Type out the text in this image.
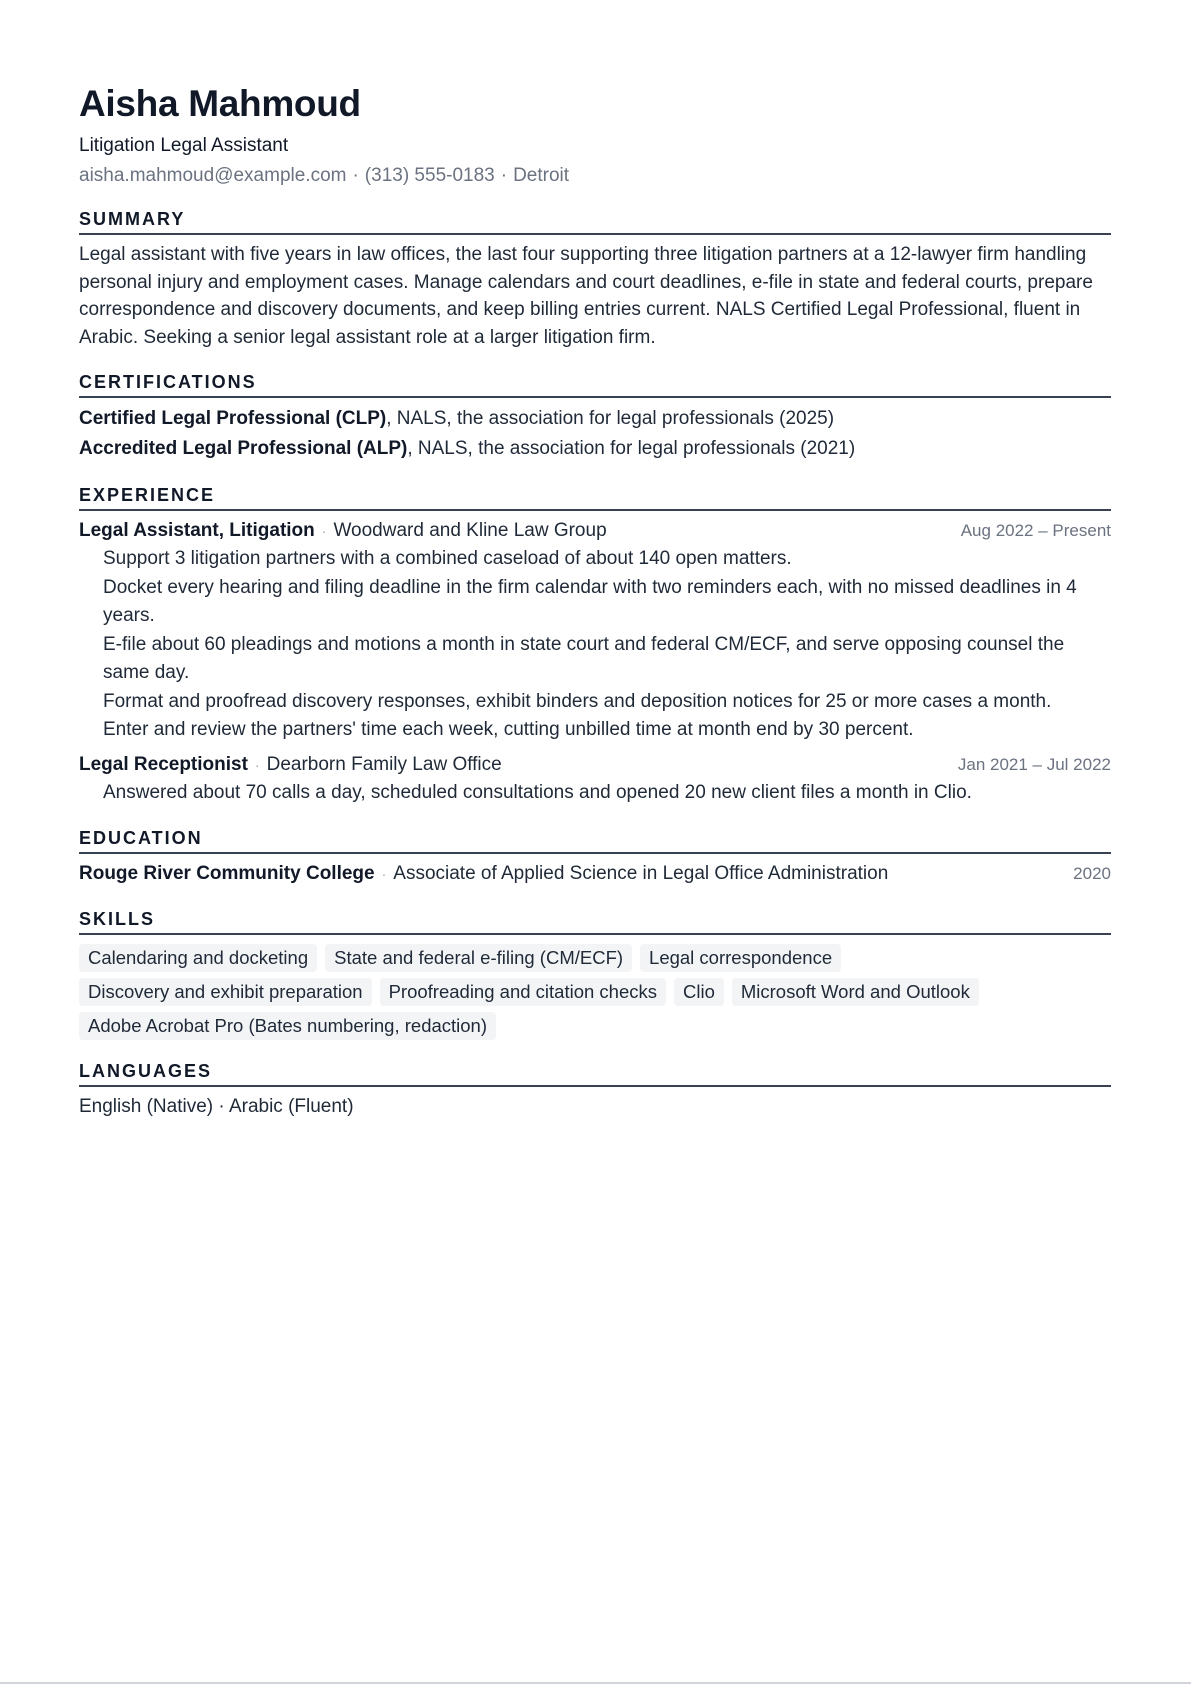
Aisha Mahmoud
Litigation Legal Assistant
aisha.mahmoud@example.com · (313) 555-0183 · Detroit
SUMMARY

Legal assistant with five years in law offices, the last four supporting three litigation partners at a 12-lawyer firm handling personal injury and employment cases. Manage calendars and court deadlines, e-file in state and federal courts, prepare correspondence and discovery documents, and keep billing entries current. NALS Certified Legal Professional, fluent in Arabic. Seeking a senior legal assistant role at a larger litigation firm.

CERTIFICATIONS
Certified Legal Professional (CLP), NALS, the association for legal professionals (2025)
Accredited Legal Professional (ALP), NALS, the association for legal professionals (2021)
EXPERIENCE
Legal Assistant, Litigation · Woodward and Kline Law Group	Aug 2022 – Present
Support 3 litigation partners with a combined caseload of about 140 open matters.
Docket every hearing and filing deadline in the firm calendar with two reminders each, with no missed deadlines in 4 years.
E-file about 60 pleadings and motions a month in state court and federal CM/ECF, and serve opposing counsel the same day.
Format and proofread discovery responses, exhibit binders and deposition notices for 25 or more cases a month.
Enter and review the partners' time each week, cutting unbilled time at month end by 30 percent.
Legal Receptionist · Dearborn Family Law Office	Jan 2021 – Jul 2022
Answered about 70 calls a day, scheduled consultations and opened 20 new client files a month in Clio.
EDUCATION
Rouge River Community College · Associate of Applied Science in Legal Office Administration	2020
SKILLS
Calendaring and docketing	State and federal e-filing (CM/ECF)	Legal correspondence
Discovery and exhibit preparation	Proofreading and citation checks	Clio	Microsoft Word and Outlook
Adobe Acrobat Pro (Bates numbering, redaction)
LANGUAGES
English (Native) · Arabic (Fluent)
